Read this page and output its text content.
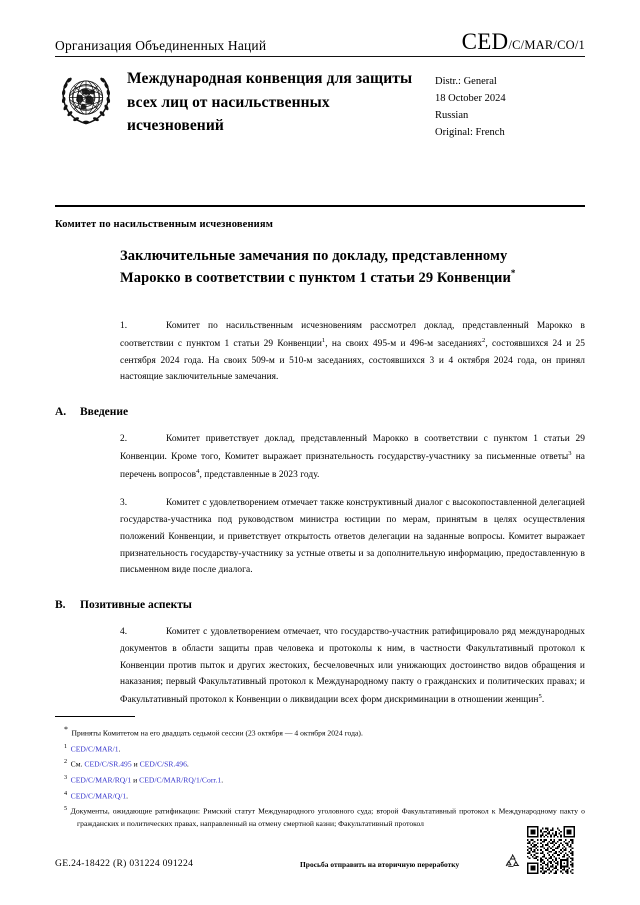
Организация Объединенных Наций	CED/C/MAR/CO/1
Международная конвенция для защиты всех лиц от насильственных исчезновений
Distr.: General
18 October 2024
Russian
Original: French
Комитет по насильственным исчезновениям
Заключительные замечания по докладу, представленному Марокко в соответствии с пунктом 1 статьи 29 Конвенции*

1.	Комитет по насильственным исчезновениям рассмотрел доклад, представленный Марокко в соответствии с пунктом 1 статьи 29 Конвенции$^1$, на своих 495-м и 496-м заседаниях$^2$, состоявшихся 24 и 25 сентября 2024 года. На своих 509-м и 510-м заседаниях, состоявшихся 3 и 4 октября 2024 года, он принял настоящие заключительные замечания.

A. Введение

2.	Комитет приветствует доклад, представленный Марокко в соответствии с пунктом 1 статьи 29 Конвенции. Кроме того, Комитет выражает признательность государству-участнику за письменные ответы$^3$ на перечень вопросов$^4$, представленные в 2023 году.

3.	Комитет с удовлетворением отмечает также конструктивный диалог с высокопоставленной делегацией государства-участника под руководством министра юстиции по мерам, принятым в целях осуществления положений Конвенции, и приветствует открытость ответов делегации на заданные вопросы. Комитет выражает признательность государству-участнику за устные ответы и за дополнительную информацию, предоставленную в письменном виде после диалога.

B. Позитивные аспекты

4.	Комитет с удовлетворением отмечает, что государство-участник ратифицировало ряд международных документов в области защиты прав человека и протоколы к ним, в частности Факультативный протокол к Конвенции против пыток и других жестоких, бесчеловечных или унижающих достоинство видов обращения и наказания; первый Факультативный протокол к Международному пакту о гражданских и политических правах; и Факультативный протокол к Конвенции о ликвидации всех форм дискриминации в отношении женщин$^5$.

* Приняты Комитетом на его двадцать седьмой сессии (23 октября — 4 октября 2024 года).

$^1$ CED/C/MAR/1.

$^2$ См. CED/C/SR.495 и CED/C/SR.496.

$^3$ CED/C/MAR/RQ/1 и CED/C/MAR/RQ/1/Corr.1.

$^4$ CED/C/MAR/Q/1.

$^5$ Документы, ожидающие ратификации: Римский статут Международного уголовного суда; второй Факультативный протокол к Международному пакту о гражданских и политических правах, направленный на отмену смертной казни; Факультативный протокол

GE.24-18422 (R) 031224 091224	Просьба отправить на вторичную переработку
